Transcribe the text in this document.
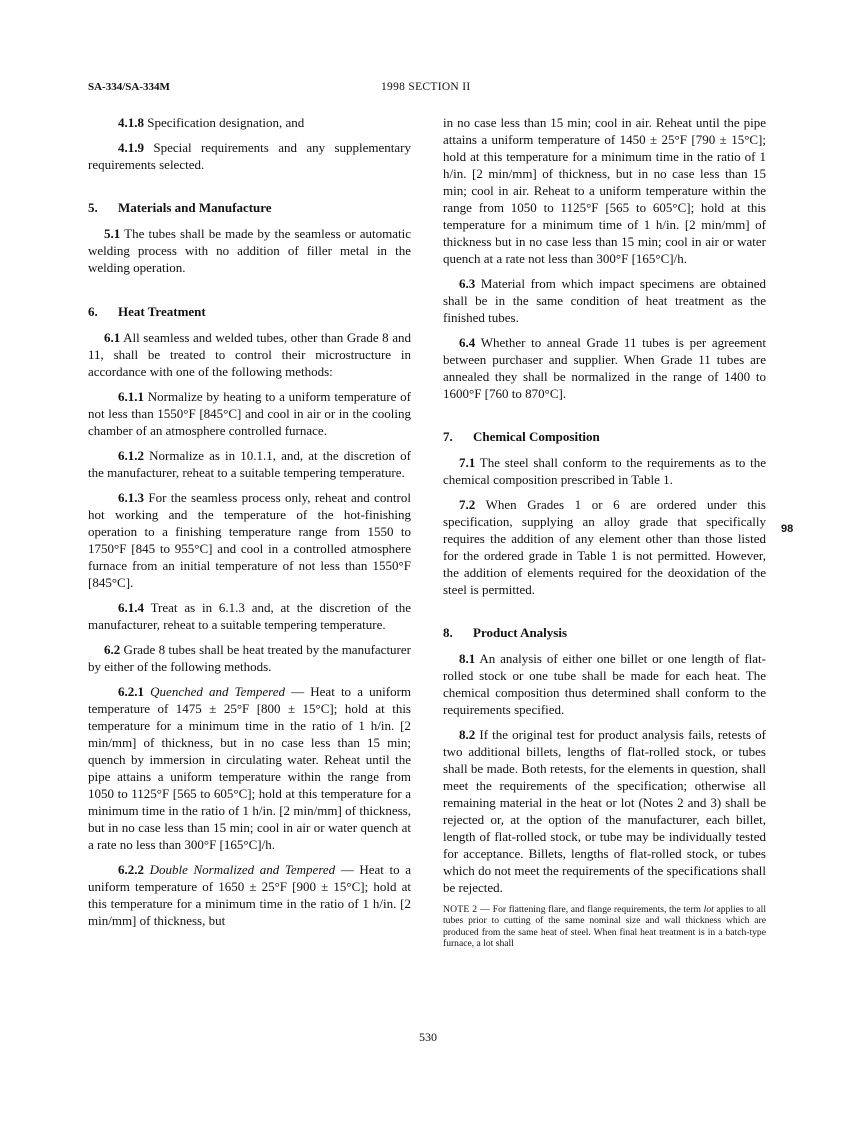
SA-334/SA-334M	1998 SECTION II

4.1.8 Specification designation, and

4.1.9 Special requirements and any supplementary requirements selected.

5. Materials and Manufacture

5.1 The tubes shall be made by the seamless or automatic welding process with no addition of filler metal in the welding operation.

6. Heat Treatment

6.1 All seamless and welded tubes, other than Grade 8 and 11, shall be treated to control their microstructure in accordance with one of the following methods:

6.1.1 Normalize by heating to a uniform temperature of not less than 1550°F [845°C] and cool in air or in the cooling chamber of an atmosphere controlled furnace.

6.1.2 Normalize as in 10.1.1, and, at the discretion of the manufacturer, reheat to a suitable tempering temperature.

6.1.3 For the seamless process only, reheat and control hot working and the temperature of the hot-finishing operation to a finishing temperature range from 1550 to 1750°F [845 to 955°C] and cool in a controlled atmosphere furnace from an initial temperature of not less than 1550°F [845°C].

6.1.4 Treat as in 6.1.3 and, at the discretion of the manufacturer, reheat to a suitable tempering temperature.

6.2 Grade 8 tubes shall be heat treated by the manufacturer by either of the following methods.

6.2.1 Quenched and Tempered — Heat to a uniform temperature of 1475 ± 25°F [800 ± 15°C]; hold at this temperature for a minimum time in the ratio of 1 h/in. [2 min/mm] of thickness, but in no case less than 15 min; quench by immersion in circulating water. Reheat until the pipe attains a uniform temperature within the range from 1050 to 1125°F [565 to 605°C]; hold at this temperature for a minimum time in the ratio of 1 h/in. [2 min/mm] of thickness, but in no case less than 15 min; cool in air or water quench at a rate no less than 300°F [165°C]/h.

6.2.2 Double Normalized and Tempered — Heat to a uniform temperature of 1650 ± 25°F [900 ± 15°C]; hold at this temperature for a minimum time in the ratio of 1 h/in. [2 min/mm] of thickness, but

in no case less than 15 min; cool in air. Reheat until the pipe attains a uniform temperature of 1450 ± 25°F [790 ± 15°C]; hold at this temperature for a minimum time in the ratio of 1 h/in. [2 min/mm] of thickness, but in no case less than 15 min; cool in air. Reheat to a uniform temperature within the range from 1050 to 1125°F [565 to 605°C]; hold at this temperature for a minimum time of 1 h/in. [2 min/mm] of thickness but in no case less than 15 min; cool in air or water quench at a rate not less than 300°F [165°C]/h.

6.3 Material from which impact specimens are obtained shall be in the same condition of heat treatment as the finished tubes.

6.4 Whether to anneal Grade 11 tubes is per agreement between purchaser and supplier. When Grade 11 tubes are annealed they shall be normalized in the range of 1400 to 1600°F [760 to 870°C].

7. Chemical Composition

7.1 The steel shall conform to the requirements as to the chemical composition prescribed in Table 1.

7.2 When Grades 1 or 6 are ordered under this specification, supplying an alloy grade that specifically requires the addition of any element other than those listed for the ordered grade in Table 1 is not permitted. However, the addition of elements required for the deoxidation of the steel is permitted.

8. Product Analysis

8.1 An analysis of either one billet or one length of flat-rolled stock or one tube shall be made for each heat. The chemical composition thus determined shall conform to the requirements specified.

8.2 If the original test for product analysis fails, retests of two additional billets, lengths of flat-rolled stock, or tubes shall be made. Both retests, for the elements in question, shall meet the requirements of the specification; otherwise all remaining material in the heat or lot (Notes 2 and 3) shall be rejected or, at the option of the manufacturer, each billet, length of flat-rolled stock, or tube may be individually tested for acceptance. Billets, lengths of flat-rolled stock, or tubes which do not meet the requirements of the specifications shall be rejected.

NOTE 2 — For flattening flare, and flange requirements, the term lot applies to all tubes prior to cutting of the same nominal size and wall thickness which are produced from the same heat of steel. When final heat treatment is in a batch-type furnace, a lot shall

98
530
